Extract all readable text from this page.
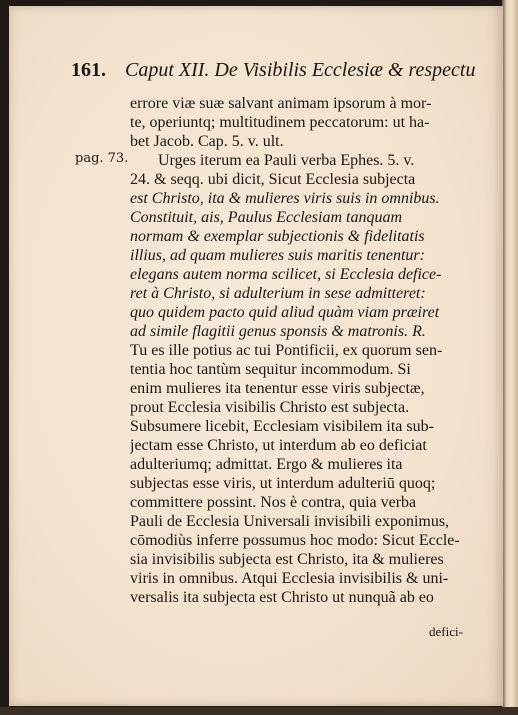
161. Caput XII. De Visibilis Ecclesiæ & respectu
pag. 73.
errore viæ suæ salvant animam ipsorum à mor-
te, operiuntq; multitudinem peccatorum: ut ha-
bet Jacob. Cap. 5. v. ult.
Urges iterum ea Pauli verba Ephes. 5. v.
24. & seqq. ubi dicit, Sicut Ecclesia subjecta
est Christo, ita & mulieres viris suis in omnibus.
Constituit, ais, Paulus Ecclesiam tanquam
normam & exemplar subjectionis & fidelitatis
illius, ad quam mulieres suis maritis tenentur:
elegans autem norma scilicet, si Ecclesia defice-
ret à Christo, si adulterium in sese admitteret:
quo quidem pacto quid aliud quàm viam præiret
ad simile flagitii genus sponsis & matronis. R.
Tu es ille potius ac tui Pontificii, ex quorum sen-
tentia hoc tantùm sequitur incommodum. Si
enim mulieres ita tenentur esse viris subjectæ,
prout Ecclesia visibilis Christo est subjecta.
Subsumere licebit, Ecclesiam visibilem ita sub-
jectam esse Christo, ut interdum ab eo deficiat
adulteriumq; admittat. Ergo & mulieres ita
subjectas esse viris, ut interdum adulteriū quoq;
committere possint. Nos è contra, quia verba
Pauli de Ecclesia Universali invisibili exponimus,
cōmodiùs inferre possumus hoc modo: Sicut Eccle-
sia invisibilis subjecta est Christo, ita & mulieres
viris in omnibus. Atqui Ecclesia invisibilis & uni-
versalis ita subjecta est Christo ut nunquã ab eo
defici-
